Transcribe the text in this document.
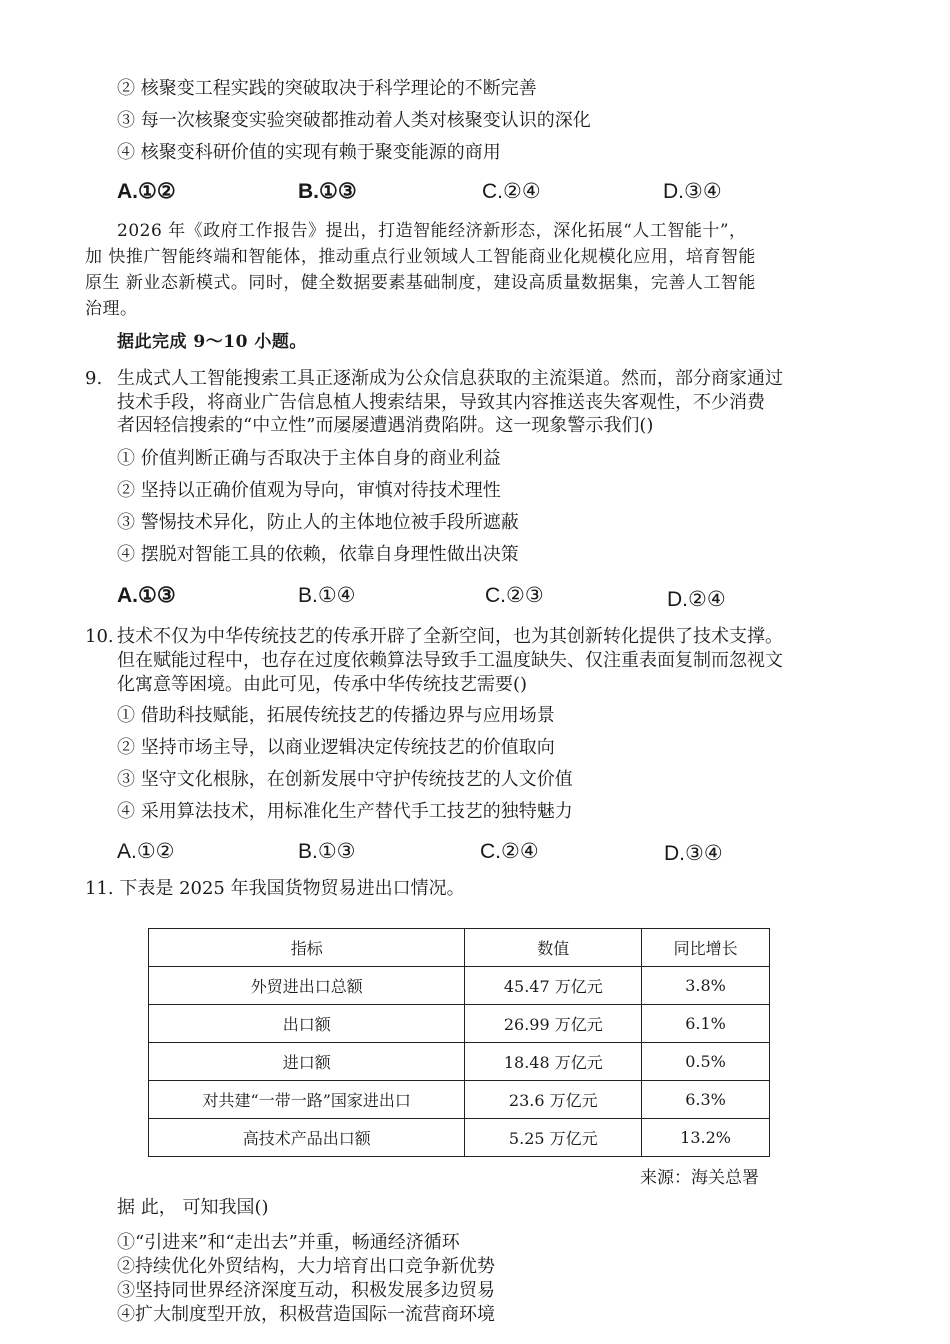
② 核聚变工程实践的突破取决于科学理论的不断完善
③ 每一次核聚变实验突破都推动着人类对核聚变认识的深化
④ 核聚变科研价值的实现有赖于聚变能源的商用
A.①②	B.①③	C.②④	D.③④
2026 年《政府工作报告》提出，打造智能经济新形态，深化拓展“人工智能十”，
加 快推广智能终端和智能体，推动重点行业领域人工智能商业化规模化应用，培育智能
原生 新业态新模式。同时，健全数据要素基础制度，建设高质量数据集，完善人工智能
治理。
据此完成 9～10 小题。
9. 生成式人工智能搜索工具正逐渐成为公众信息获取的主流渠道。然而，部分商家通过
技术手段，将商业广告信息植人搜索结果，导致其内容推送丧失客观性，不少消费
者因轻信搜索的“中立性”而屡屡遭遇消费陷阱。这一现象警示我们()
① 价值判断正确与否取决于主体自身的商业利益
② 坚持以正确价值观为导向，审慎对待技术理性
③ 警惕技术异化，防止人的主体地位被手段所遮蔽
④ 摆脱对智能工具的依赖，依靠自身理性做出决策
A.①③	B.①④	C.②③	D.②④
10. 技术不仅为中华传统技艺的传承开辟了全新空间，也为其创新转化提供了技术支撑。
但在赋能过程中，也存在过度依赖算法导致手工温度缺失、仅注重表面复制而忽视文
化寓意等困境。由此可见，传承中华传统技艺需要()
① 借助科技赋能，拓展传统技艺的传播边界与应用场景
② 坚持市场主导，以商业逻辑决定传统技艺的价值取向
③ 坚守文化根脉，在创新发展中守护传统技艺的人文价值
④ 采用算法技术，用标准化生产替代手工技艺的独特魅力
A.①②	B.①③	C.②④	D.③④
11. 下表是 2025 年我国货物贸易进出口情况。
指标	数值	同比增长
外贸进出口总额	45.47 万亿元	3.8%
出口额	26.99 万亿元	6.1%
进口额	18.48 万亿元	0.5%
对共建“一带一路”国家进出口	23.6 万亿元	6.3%
高技术产品出口额	5.25 万亿元	13.2%
来源：海关总署
据 此， 可知我国()
①“引进来”和“走出去”并重，畅通经济循环
②持续优化外贸结构，大力培育出口竞争新优势
③坚持同世界经济深度互动，积极发展多边贸易
④扩大制度型开放，积极营造国际一流营商环境
